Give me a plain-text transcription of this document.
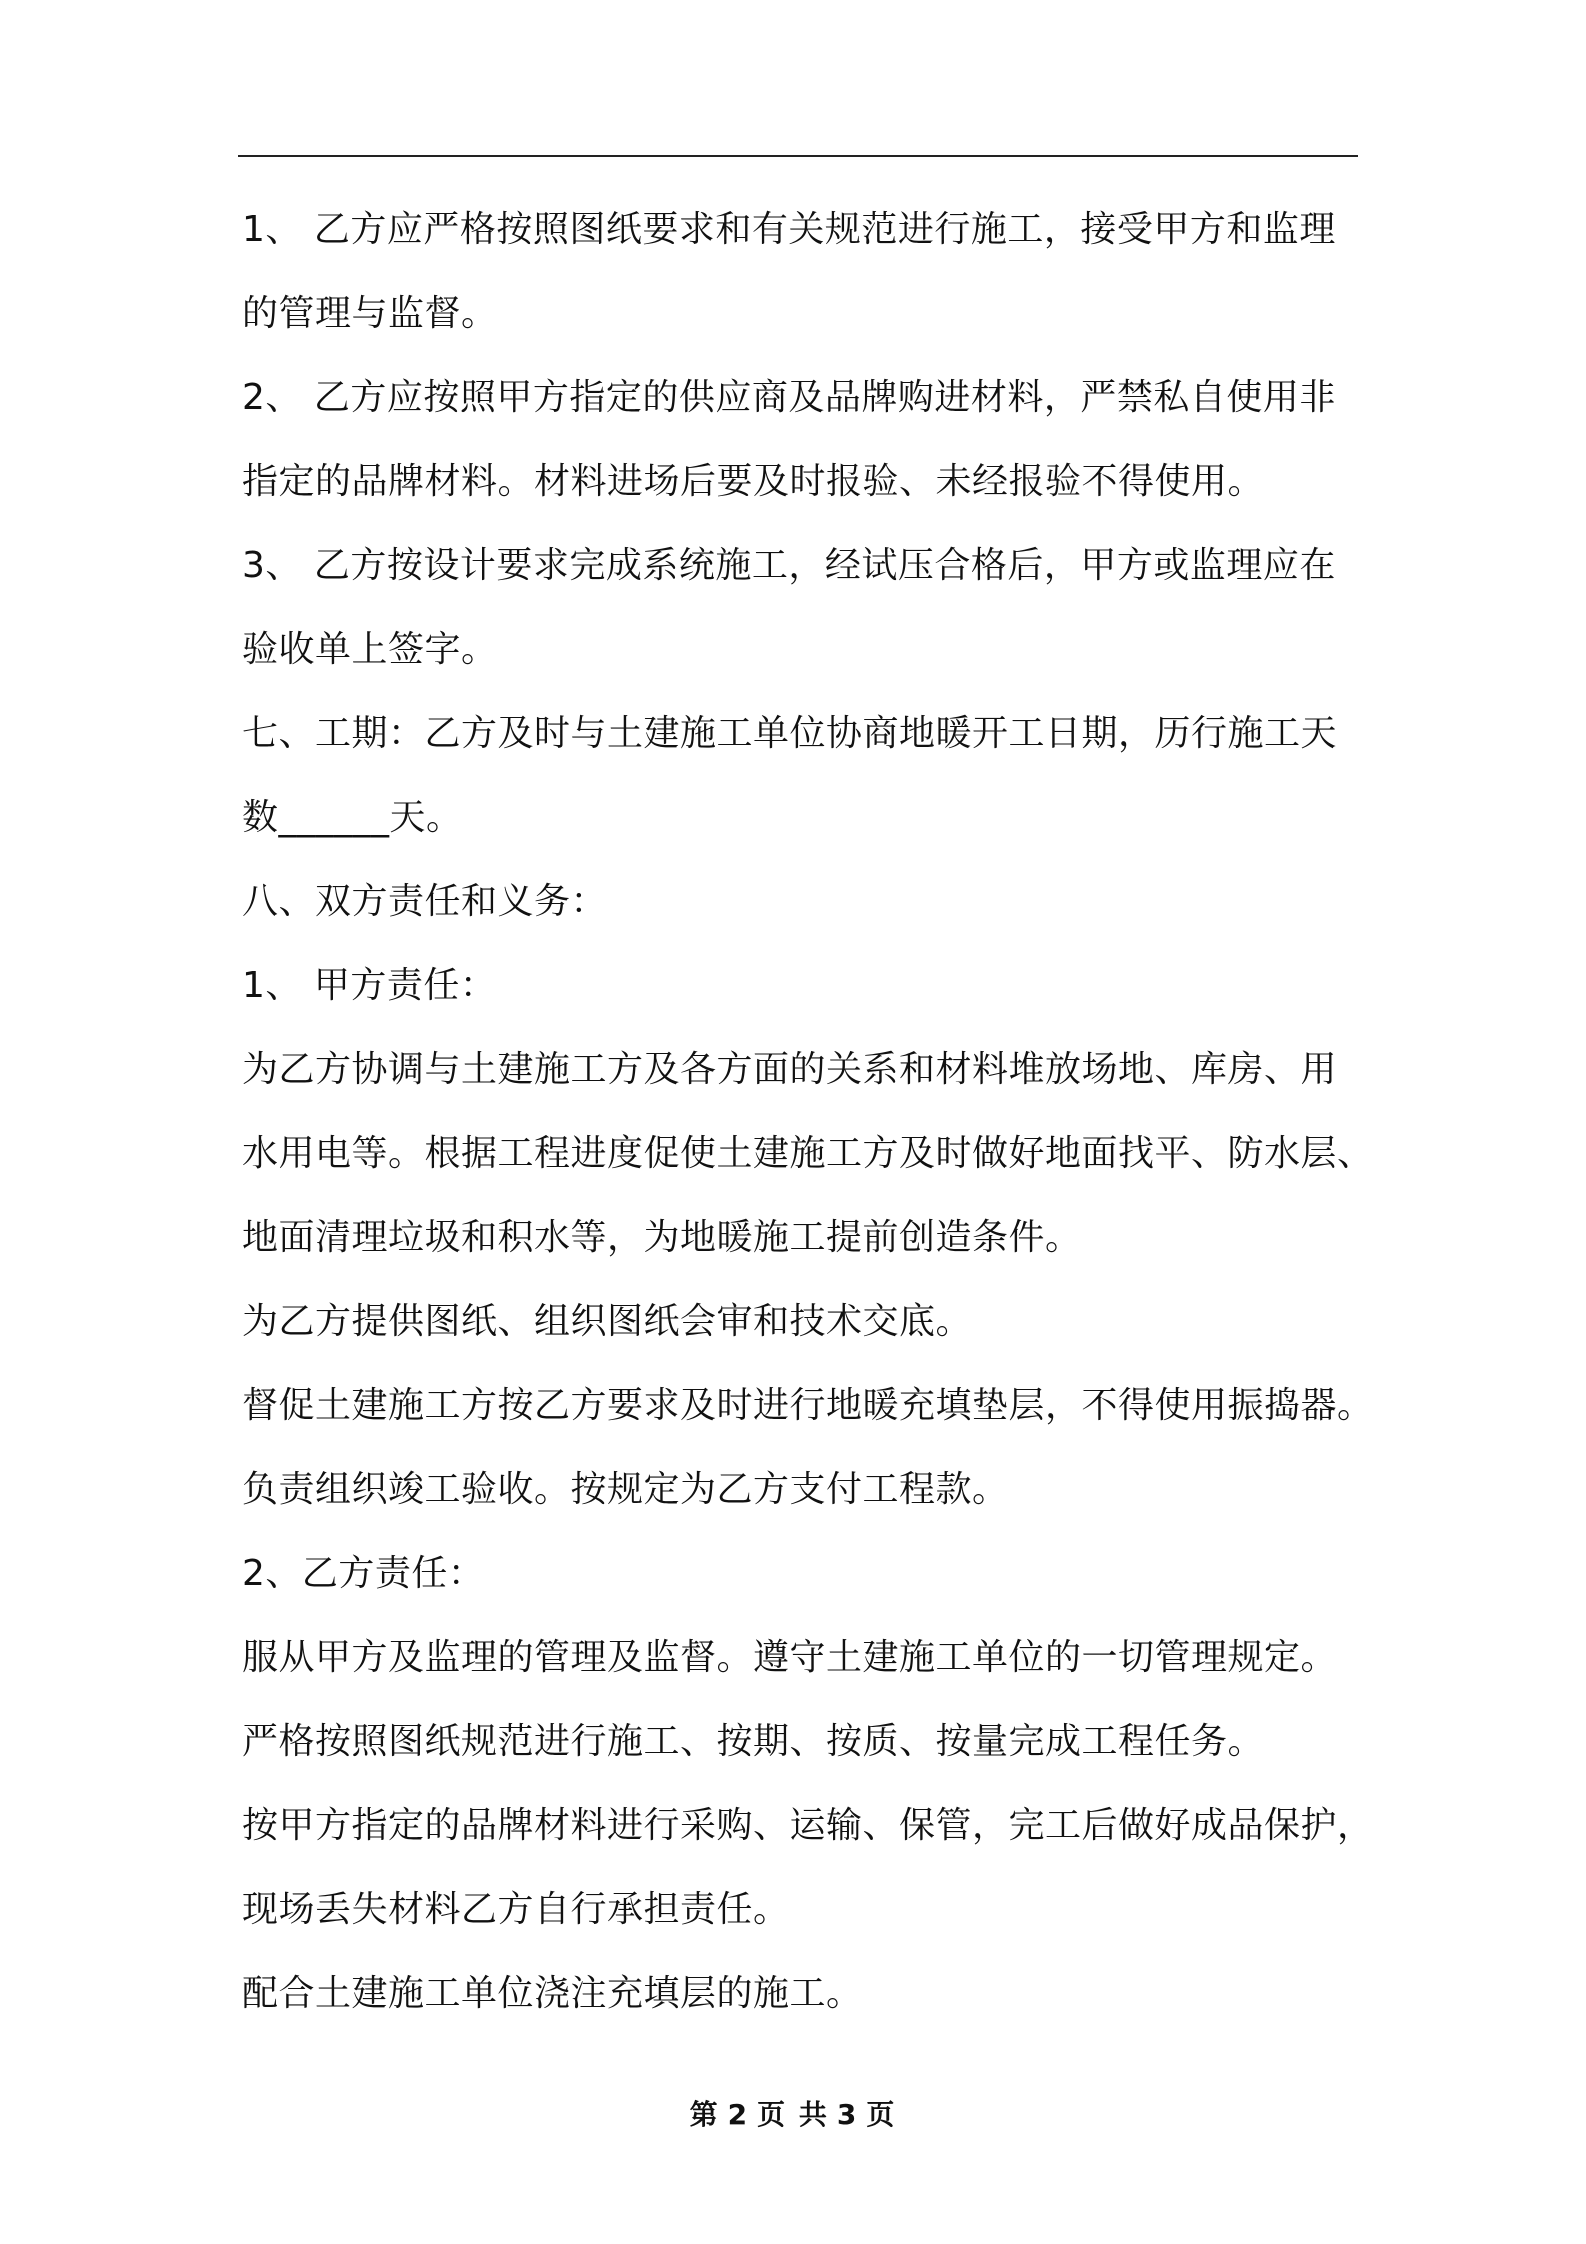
1、 乙方应严格按照图纸要求和有关规范进行施工，接受甲方和监理
的管理与监督。
2、 乙方应按照甲方指定的供应商及品牌购进材料，严禁私自使用非
指定的品牌材料。材料进场后要及时报验、未经报验不得使用。
3、 乙方按设计要求完成系统施工，经试压合格后，甲方或监理应在
验收单上签字。
七、工期：乙方及时与土建施工单位协商地暖开工日期，历行施工天
数______天。
八、双方责任和义务：
1、 甲方责任：
为乙方协调与土建施工方及各方面的关系和材料堆放场地、库房、用
水用电等。根据工程进度促使土建施工方及时做好地面找平、防水层、
地面清理垃圾和积水等，为地暖施工提前创造条件。
为乙方提供图纸、组织图纸会审和技术交底。
督促土建施工方按乙方要求及时进行地暖充填垫层，不得使用振捣器。
负责组织竣工验收。按规定为乙方支付工程款。
2、乙方责任：
服从甲方及监理的管理及监督。遵守土建施工单位的一切管理规定。
严格按照图纸规范进行施工、按期、按质、按量完成工程任务。
按甲方指定的品牌材料进行采购、运输、保管，完工后做好成品保护，
现场丢失材料乙方自行承担责任。
配合土建施工单位浇注充填层的施工。
第 2 页 共 3 页
